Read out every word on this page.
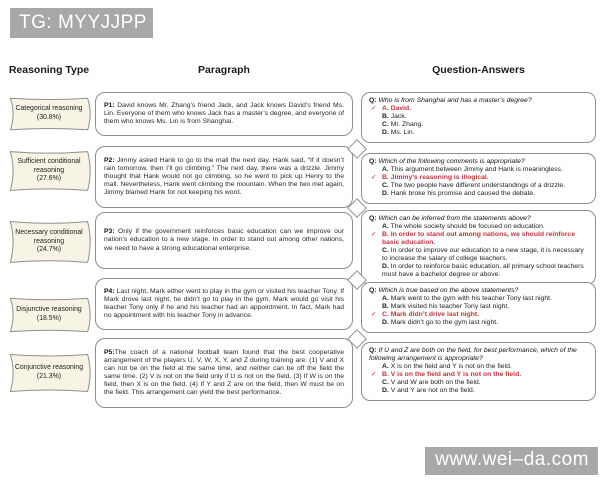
TG: MYYJJPP
Reasoning Type	Paragraph	Question-Answers
Categorical reasoning
(30.8%)
Sufficient conditional reasoning
(27.6%)
Necessary conditional reasoning
(24.7%)
Disjunctive reasoning
(18.5%)
Conjunctive reasoning
(21.3%)
P1: David knows Mr. Zhang’s friend Jack, and Jack knows David’s friend Ms. Lin. Everyone of them who knows Jack has a master’s degree, and everyone of them who knows Ms. Lin is from Shanghai.
P2: Jimmy asked Hank to go to the mall the next day. Hank said, “If it doesn’t rain tomorrow, then I’ll go climbing.” The next day, there was a drizzle. Jimmy thought that Hank would not go climbing, so he went to pick up Henry to the mall. Nevertheless, Hank went climbing the mountain. When the two met again, Jimmy blamed Hank for not keeping his word.
P3: Only if the government reinforces basic education can we improve our nation’s education to a new stage. In order to stand out among other nations, we need to have a strong educational enterprise.
P4: Last night, Mark either went to play in the gym or visited his teacher Tony. If Mark drove last night, he didn’t go to play in the gym. Mark would go visit his teacher Tony only if he and his teacher had an appointment. In fact, Mark had no appointment with his teacher Tony in advance.
P5:The coach of a national football team found that the best cooperative arrangement of the players U, V, W, X, Y, and Z during training are: (1) V and X can not be on the field at the same time, and neither can be off the field the same time. (2) V is not on the field only if U is not on the field. (3) If W is on the field, then X is on the field. (4) If Y and Z are on the field, then W must be on the field. This arrangement can yield the best performance.
Q: Who is from Shanghai and has a master’s degree?
✓ A. David.
B. Jack.
C. Mr. Zhang.
D. Ms. Lin.
Q: Which of the following comments is appropriate?
A. This argument between Jimmy and Hank is meaningless.
✓ B. Jimmy’s reasoning is illogical.
C. The two people have different understandings of a drizzle.
D. Hank broke his promise and caused the debate.
Q: Which can be inferred from the statements above?
A. The whole society should be focused on education.
✓ B. In order to stand out among nations, we should reinforce basic education.
C. In order to improve our education to a new stage, it is necessary to increase the salary of college teachers.
D. In order to reinforce basic education, all primary school teachers must have a bachelor degree or above.
Q: Which is true based on the above statements?
A. Mark went to the gym with his teacher Tony last night.
B. Mark visited his teacher Tony last night.
✓ C. Mark didn’t drive last night.
D. Mark didn’t go to the gym last night.
Q: If U and Z are both on the field, for best performance, which of the following arrangement is appropriate?
A. X is on the field and Y is not on the field.
✓ B. V is on the field and Y is not on the field.
C. V and W are both on the field.
D. V and Y are not on the field.
www.wei–da.com
